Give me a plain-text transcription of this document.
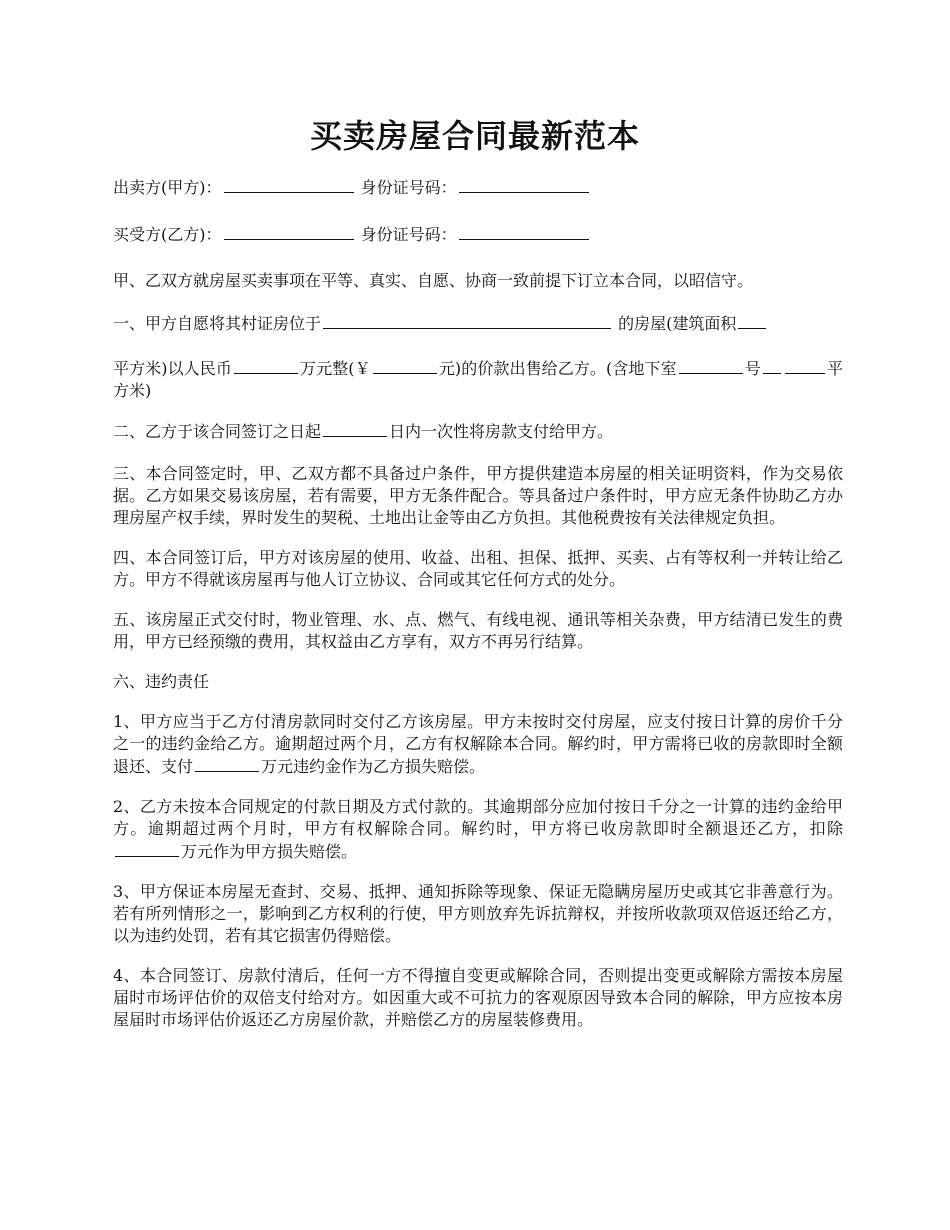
买卖房屋合同最新范本
出卖方(甲方)：	身份证号码：
买受方(乙方)：	身份证号码：

甲、乙双方就房屋买卖事项在平等、真实、自愿、协商一致前提下订立本合同，以昭信守。

一、甲方自愿将其村证房位于	的房屋(建筑面积

平方米)以人民币	万元整(￥	元)的价款出售给乙方。(含地下室	号	平方米)

二、乙方于该合同签订之日起	日内一次性将房款支付给甲方。

三、本合同签定时，甲、乙双方都不具备过户条件，甲方提供建造本房屋的相关证明资料，作为交易依据。乙方如果交易该房屋，若有需要，甲方无条件配合。等具备过户条件时，甲方应无条件协助乙方办理房屋产权手续，界时发生的契税、土地出让金等由乙方负担。其他税费按有关法律规定负担。

四、本合同签订后，甲方对该房屋的使用、收益、出租、担保、抵押、买卖、占有等权利一并转让给乙方。甲方不得就该房屋再与他人订立协议、合同或其它任何方式的处分。

五、该房屋正式交付时，物业管理、水、点、燃气、有线电视、通讯等相关杂费，甲方结清已发生的费用，甲方已经预缴的费用，其权益由乙方享有，双方不再另行结算。

六、违约责任

1、甲方应当于乙方付清房款同时交付乙方该房屋。甲方未按时交付房屋，应支付按日计算的房价千分之一的违约金给乙方。逾期超过两个月，乙方有权解除本合同。解约时，甲方需将已收的房款即时全额退还、支付	万元违约金作为乙方损失赔偿。

2、乙方未按本合同规定的付款日期及方式付款的。其逾期部分应加付按日千分之一计算的违约金给甲方。逾期超过两个月时，甲方有权解除合同。解约时，甲方将已收房款即时全额退还乙方，扣除万元作为甲方损失赔偿。

3、甲方保证本房屋无查封、交易、抵押、通知拆除等现象、保证无隐瞒房屋历史或其它非善意行为。若有所列情形之一，影响到乙方权利的行使，甲方则放弃先诉抗辩权，并按所收款项双倍返还给乙方，以为违约处罚，若有其它损害仍得赔偿。

4、本合同签订、房款付清后，任何一方不得擅自变更或解除合同，否则提出变更或解除方需按本房屋届时市场评估价的双倍支付给对方。如因重大或不可抗力的客观原因导致本合同的解除，甲方应按本房屋届时市场评估价返还乙方房屋价款，并赔偿乙方的房屋装修费用。
